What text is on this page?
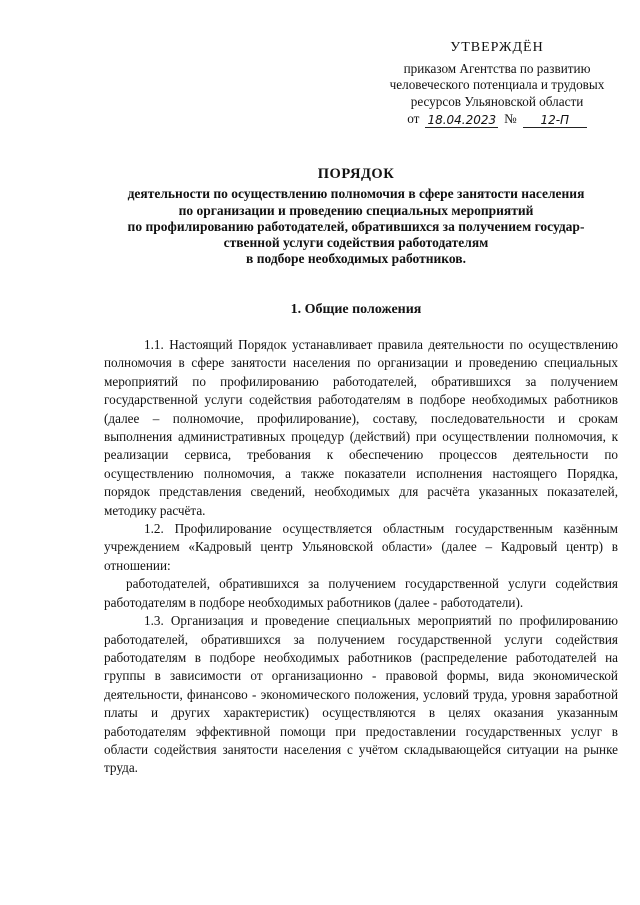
УТВЕРЖДЁН
приказом Агентства по развитию
человеческого потенциала и трудовых
ресурсов Ульяновской области
от 18.04.2023 №	12-П
ПОРЯДОК
деятельности по осуществлению полномочия в сфере занятости населения
по организации и проведению специальных мероприятий
по профилированию работодателей, обратившихся за получением государ-
ственной услуги содействия работодателям
в подборе необходимых работников.
1. Общие положения

1.1. Настоящий Порядок устанавливает правила деятельности по осуществлению полномочия в сфере занятости населения по организации и проведению специальных мероприятий по профилированию работодателей, обратившихся за получением государственной услуги содействия работодателям в подборе необходимых работников (далее – полномочие, профилирование), составу, последовательности и срокам выполнения административных процедур (действий) при осуществлении полномочия, к реализации сервиса, требования к обеспечению процессов деятельности по осуществлению полномочия, а также показатели исполнения настоящего Порядка, порядок представления сведений, необходимых для расчёта указанных показателей, методику расчёта.

1.2. Профилирование осуществляется областным государственным казённым учреждением «Кадровый центр Ульяновской области» (далее – Кадровый центр) в отношении:

работодателей, обратившихся за получением государственной услуги содействия работодателям в подборе необходимых работников (далее - работодатели).

1.3. Организация и проведение специальных мероприятий по профилированию работодателей, обратившихся за получением государственной услуги содействия работодателям в подборе необходимых работников (распределение работодателей на группы в зависимости от организационно - правовой формы, вида экономической деятельности, финансово - экономического положения, условий труда, уровня заработной платы и других характеристик) осуществляются в целях оказания указанным работодателям эффективной помощи при предоставлении государственных услуг в области содействия занятости населения с учётом складывающейся ситуации на рынке труда.
